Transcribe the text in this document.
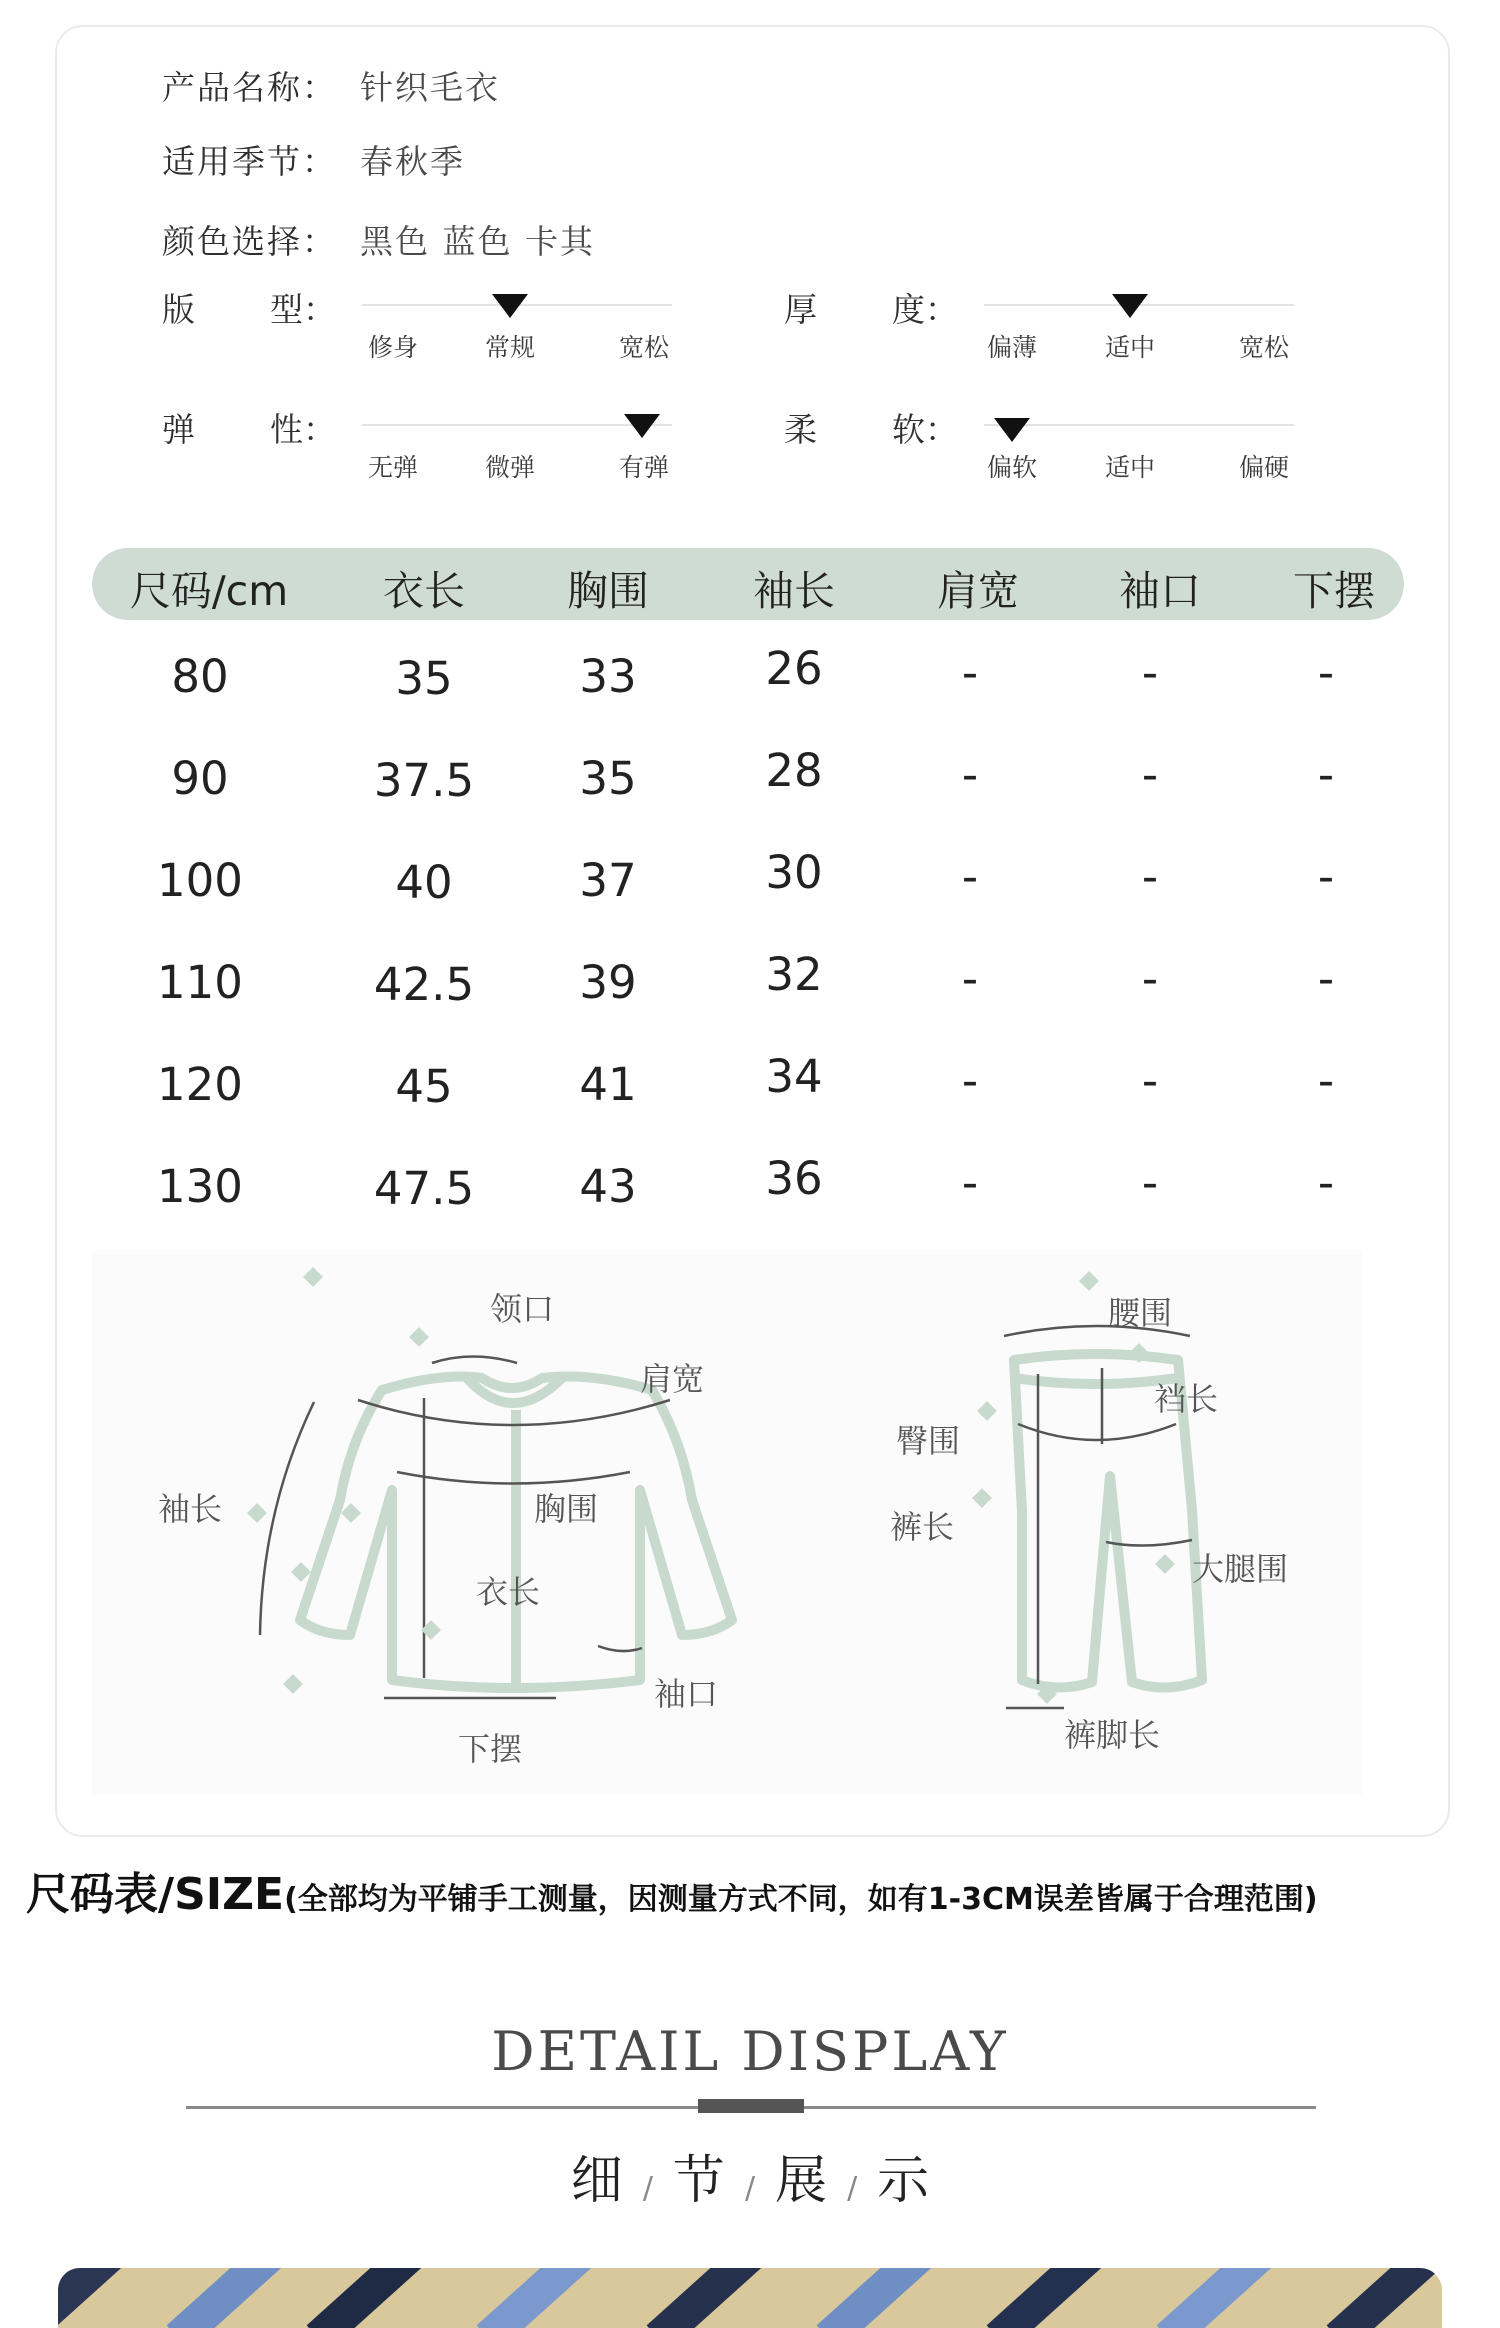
产品名称： 针织毛衣
适用季节： 春秋季
颜色选择： 黑色 蓝色 卡其
版 型：
修身	常规	宽松
厚 度：
偏薄	适中	宽松
弹 性：
无弹	微弹	有弹
柔 软：
偏软	适中	偏硬
尺码/cm 衣长 胸围	袖长 肩宽 袖口 下摆
80	35	33	26	-	-	-
90	37.5 35	28	-	-	-
100	40	37	30	-	-	-
110	42.5 39	32	-	-	-
120	45	41	34	-	-	-
130	47.5 43	36	-	-	-
领口
肩宽
袖长	胸围
衣长
袖口
下摆
腰围
裆长
臀围
裤长
大腿围
裤脚长
尺码表/SIZE(全部均为平铺手工测量，因测量方式不同，如有1-3CM误差皆属于合理范围)
DETAIL DISPLAY
细 / 节 / 展 / 示
